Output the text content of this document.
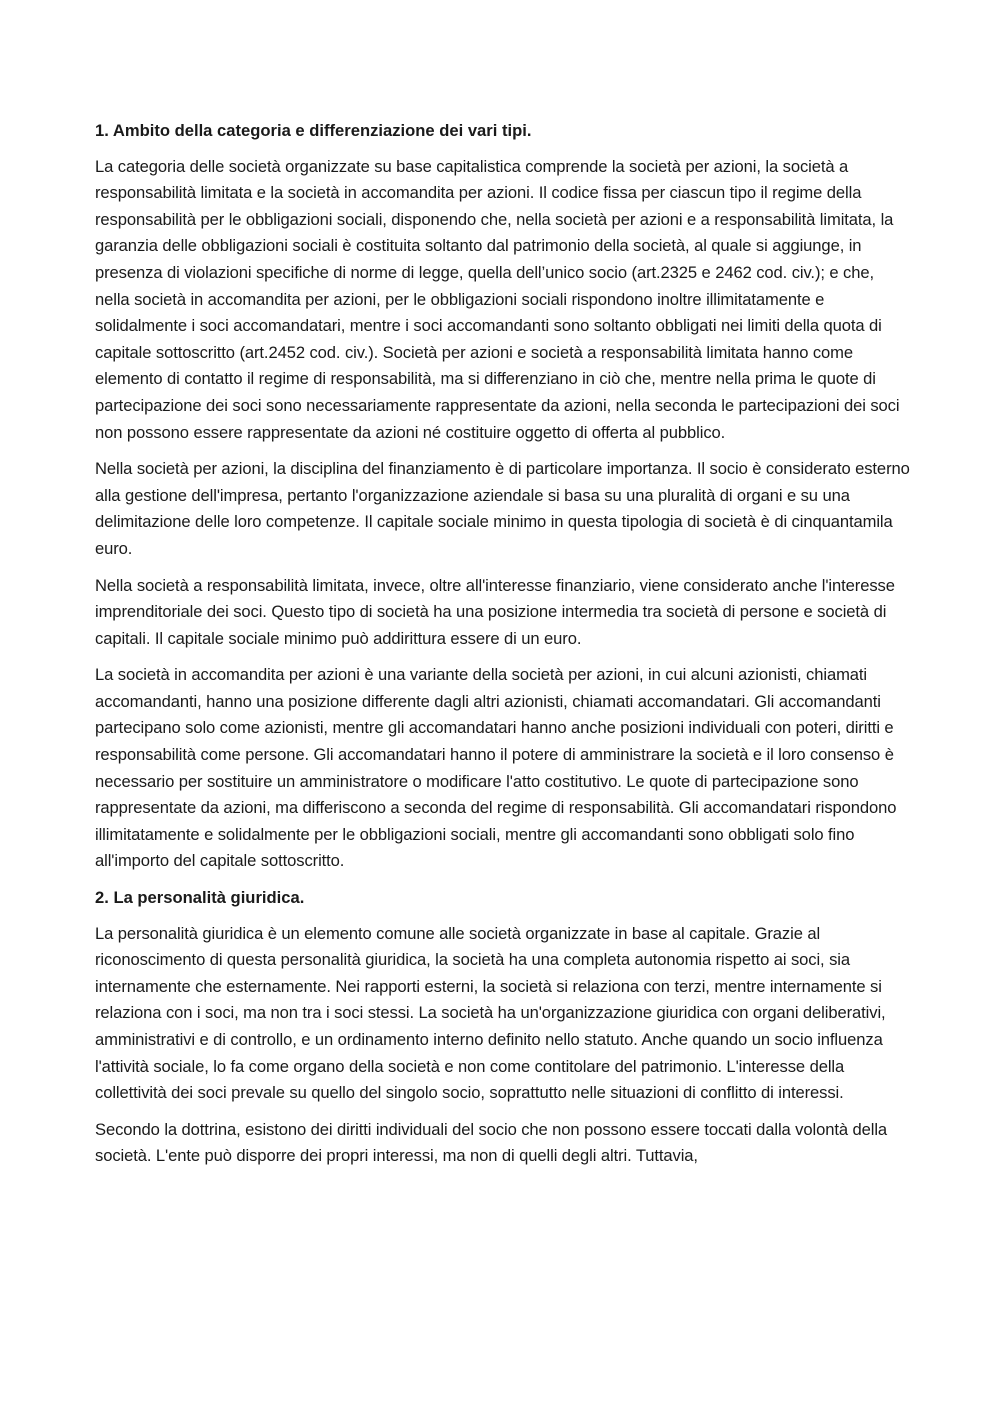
1. Ambito della categoria e differenziazione dei vari tipi.

La categoria delle società organizzate su base capitalistica comprende la società per azioni, la società a responsabilità limitata e la società in accomandita per azioni. Il codice fissa per ciascun tipo il regime della responsabilità per le obbligazioni sociali, disponendo che, nella società per azioni e a responsabilità limitata, la garanzia delle obbligazioni sociali è costituita soltanto dal patrimonio della società, al quale si aggiunge, in presenza di violazioni specifiche di norme di legge, quella dell’unico socio (art.2325 e 2462 cod. civ.); e che, nella società in accomandita per azioni, per le obbligazioni sociali rispondono inoltre illimitatamente e solidalmente i soci accomandatari, mentre i soci accomandanti sono soltanto obbligati nei limiti della quota di capitale sottoscritto (art.2452 cod. civ.). Società per azioni e società a responsabilità limitata hanno come elemento di contatto il regime di responsabilità, ma si differenziano in ciò che, mentre nella prima le quote di partecipazione dei soci sono necessariamente rappresentate da azioni, nella seconda le partecipazioni dei soci non possono essere rappresentate da azioni né costituire oggetto di offerta al pubblico.

Nella società per azioni, la disciplina del finanziamento è di particolare importanza. Il socio è considerato esterno alla gestione dell'impresa, pertanto l'organizzazione aziendale si basa su una pluralità di organi e su una delimitazione delle loro competenze. Il capitale sociale minimo in questa tipologia di società è di cinquantamila euro.

Nella società a responsabilità limitata, invece, oltre all'interesse finanziario, viene considerato anche l'interesse imprenditoriale dei soci. Questo tipo di società ha una posizione intermedia tra società di persone e società di capitali. Il capitale sociale minimo può addirittura essere di un euro.

La società in accomandita per azioni è una variante della società per azioni, in cui alcuni azionisti, chiamati accomandanti, hanno una posizione differente dagli altri azionisti, chiamati accomandatari. Gli accomandanti partecipano solo come azionisti, mentre gli accomandatari hanno anche posizioni individuali con poteri, diritti e responsabilità come persone. Gli accomandatari hanno il potere di amministrare la società e il loro consenso è necessario per sostituire un amministratore o modificare l'atto costitutivo. Le quote di partecipazione sono rappresentate da azioni, ma differiscono a seconda del regime di responsabilità. Gli accomandatari rispondono illimitatamente e solidalmente per le obbligazioni sociali, mentre gli accomandanti sono obbligati solo fino all'importo del capitale sottoscritto.

2. La personalità giuridica.

La personalità giuridica è un elemento comune alle società organizzate in base al capitale. Grazie al riconoscimento di questa personalità giuridica, la società ha una completa autonomia rispetto ai soci, sia internamente che esternamente. Nei rapporti esterni, la società si relaziona con terzi, mentre internamente si relaziona con i soci, ma non tra i soci stessi. La società ha un'organizzazione giuridica con organi deliberativi, amministrativi e di controllo, e un ordinamento interno definito nello statuto. Anche quando un socio influenza l'attività sociale, lo fa come organo della società e non come contitolare del patrimonio. L'interesse della collettività dei soci prevale su quello del singolo socio, soprattutto nelle situazioni di conflitto di interessi.

Secondo la dottrina, esistono dei diritti individuali del socio che non possono essere toccati dalla volontà della società. L'ente può disporre dei propri interessi, ma non di quelli degli altri. Tuttavia,
